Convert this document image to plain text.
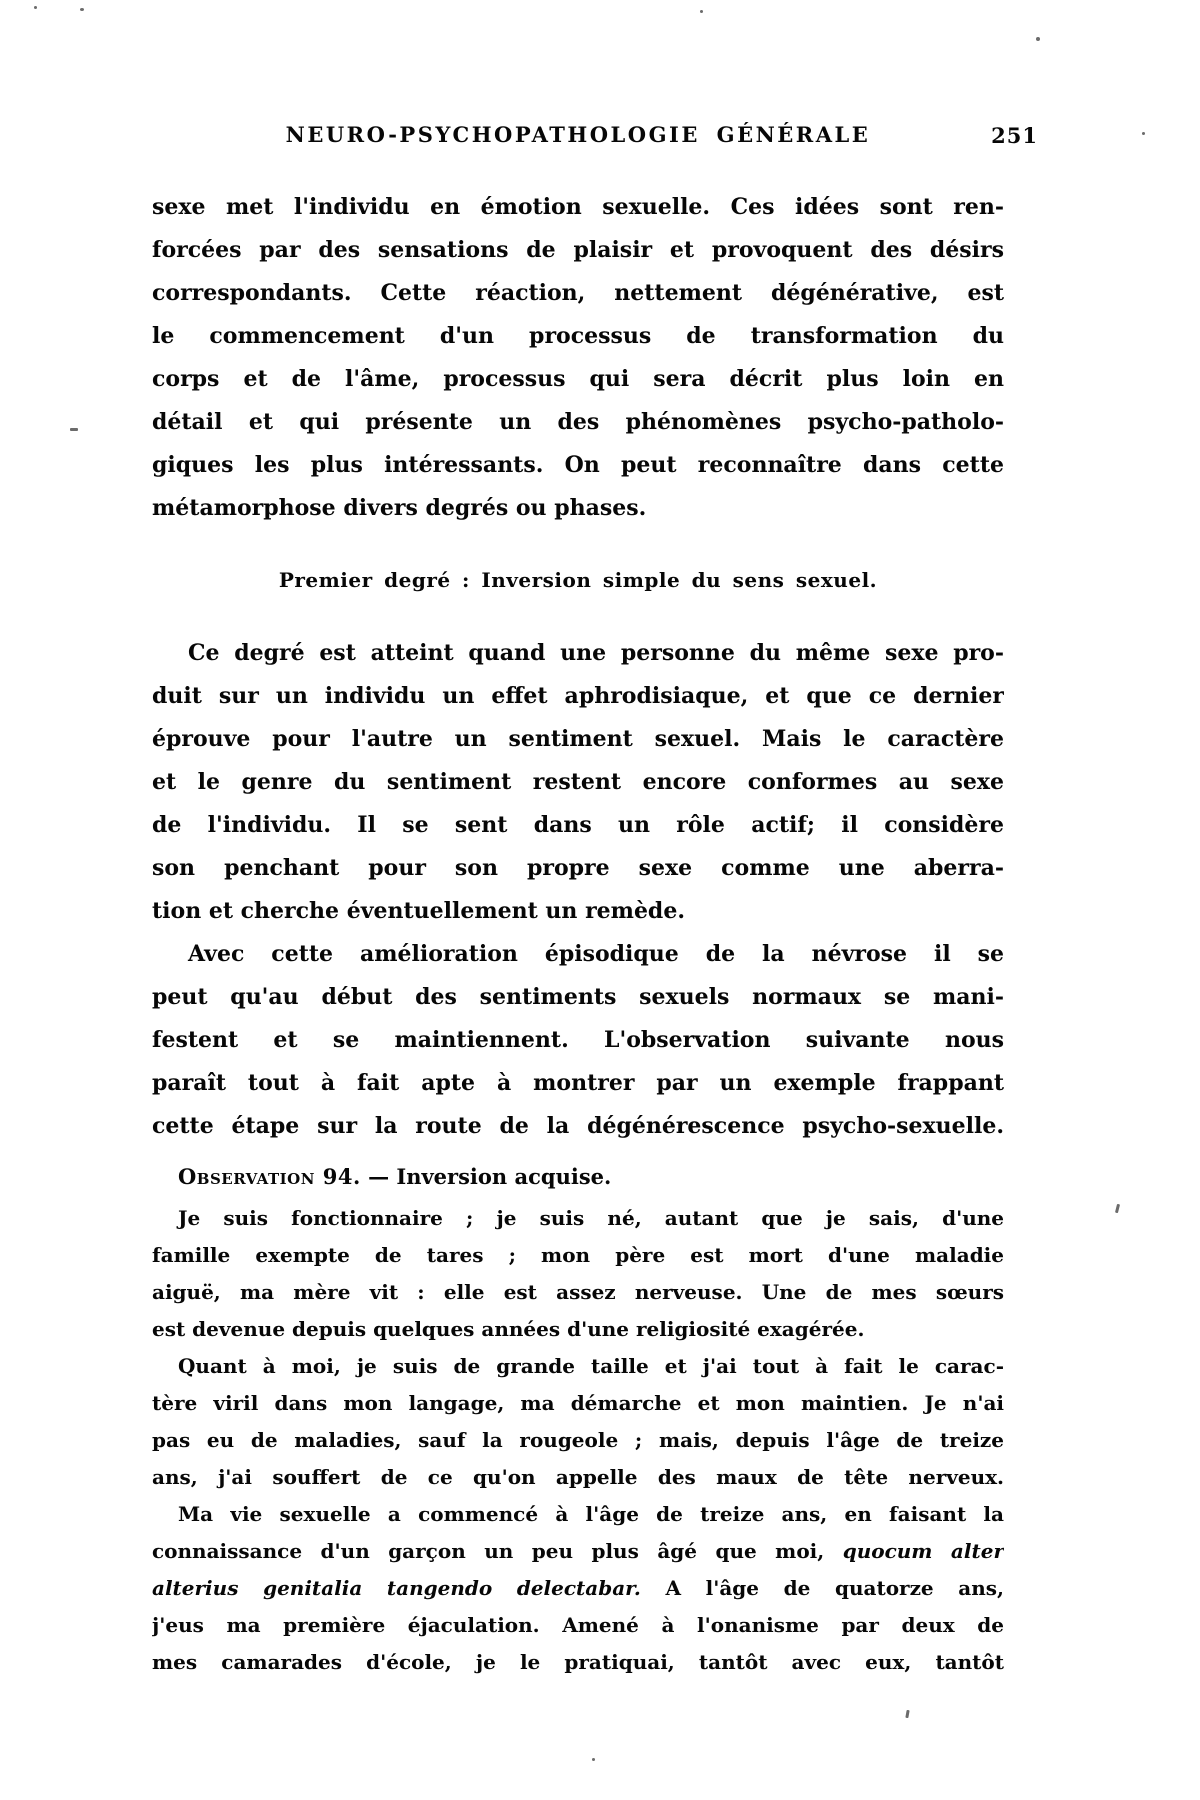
NEURO-PSYCHOPATHOLOGIE GÉNÉRALE	251
sexe met l'individu en émotion sexuelle. Ces idées sont ren-
forcées par des sensations de plaisir et provoquent des désirs
correspondants. Cette réaction, nettement dégénérative, est
le commencement d'un processus de transformation du
corps et de l'âme, processus qui sera décrit plus loin en
détail et qui présente un des phénomènes psycho-patholo-
giques les plus intéressants. On peut reconnaître dans cette
métamorphose divers degrés ou phases.
Premier degré : Inversion simple du sens sexuel.
Ce degré est atteint quand une personne du même sexe pro-
duit sur un individu un effet aphrodisiaque, et que ce dernier
éprouve pour l'autre un sentiment sexuel. Mais le caractère
et le genre du sentiment restent encore conformes au sexe
de l'individu. Il se sent dans un rôle actif; il considère
son penchant pour son propre sexe comme une aberra-
tion et cherche éventuellement un remède.
Avec cette amélioration épisodique de la névrose il se
peut qu'au début des sentiments sexuels normaux se mani-
festent et se maintiennent. L'observation suivante nous
paraît tout à fait apte à montrer par un exemple frappant
cette étape sur la route de la dégénérescence psycho-sexuelle.
Observation 94. — Inversion acquise.
Je suis fonctionnaire ; je suis né, autant que je sais, d'une
famille exempte de tares ; mon père est mort d'une maladie
aiguë, ma mère vit : elle est assez nerveuse. Une de mes sœurs
est devenue depuis quelques années d'une religiosité exagérée.
Quant à moi, je suis de grande taille et j'ai tout à fait le carac-
tère viril dans mon langage, ma démarche et mon maintien. Je n'ai
pas eu de maladies, sauf la rougeole ; mais, depuis l'âge de treize
ans, j'ai souffert de ce qu'on appelle des maux de tête nerveux.
Ma vie sexuelle a commencé à l'âge de treize ans, en faisant la
connaissance d'un garçon un peu plus âgé que moi, quocum alter
alterius genitalia tangendo delectabar. A l'âge de quatorze ans,
j'eus ma première éjaculation. Amené à l'onanisme par deux de
mes camarades d'école, je le pratiquai, tantôt avec eux, tantôt
